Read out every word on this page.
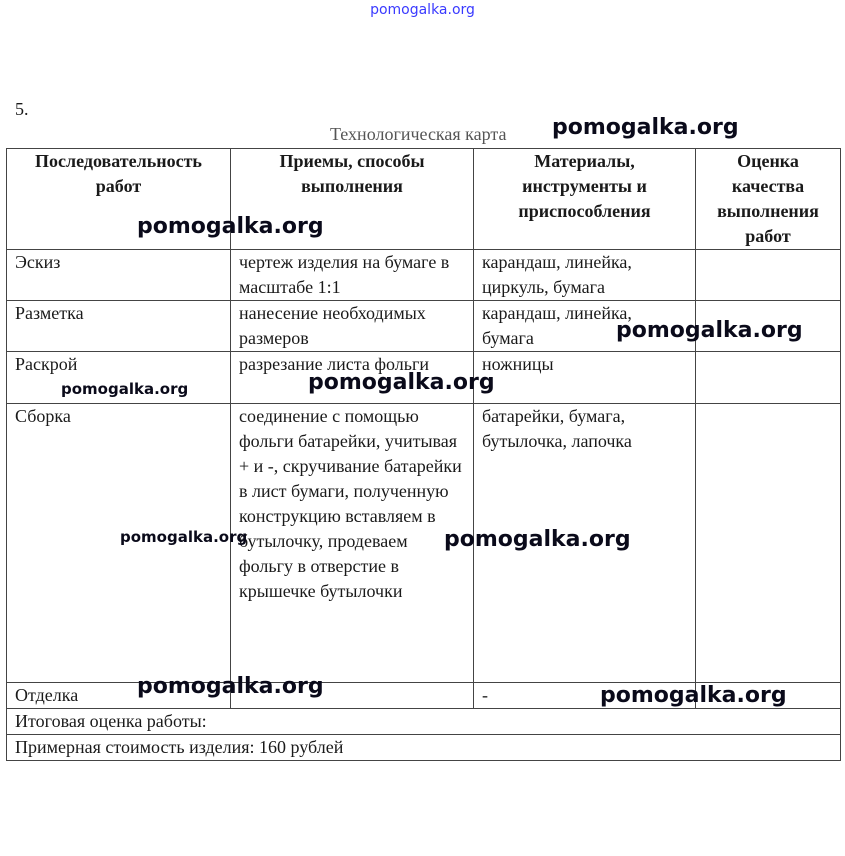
pomogalka.org
5.
Технологическая карта
Последовательность работ	Приемы, способы выполнения	Материалы, инструменты и приспособления	Оценка качества выполнения работ
Эскиз	чертеж изделия на бумаге в масштабе 1:1	карандаш, линейка, циркуль, бумага	
Разметка	нанесение необходимых размеров	карандаш, линейка, бумага	
Раскрой	разрезание листа фольги	ножницы	
Сборка	соединение с помощью фольги батарейки, учитывая + и -, скручивание батарейки в лист бумаги, полученную конструкцию вставляем в бутылочку, продеваем фольгу в отверстие в крышечке бутылочки	батарейки, бумага, бутылочка, лапочка	
Отделка		-	
Итоговая оценка работы:			
Примерная стоимость изделия: 160 рублей			
pomogalka.org
pomogalka.org
pomogalka.org
pomogalka.org	pomogalka.org
pomogalka.org	pomogalka.org
pomogalka.org	pomogalka.org
